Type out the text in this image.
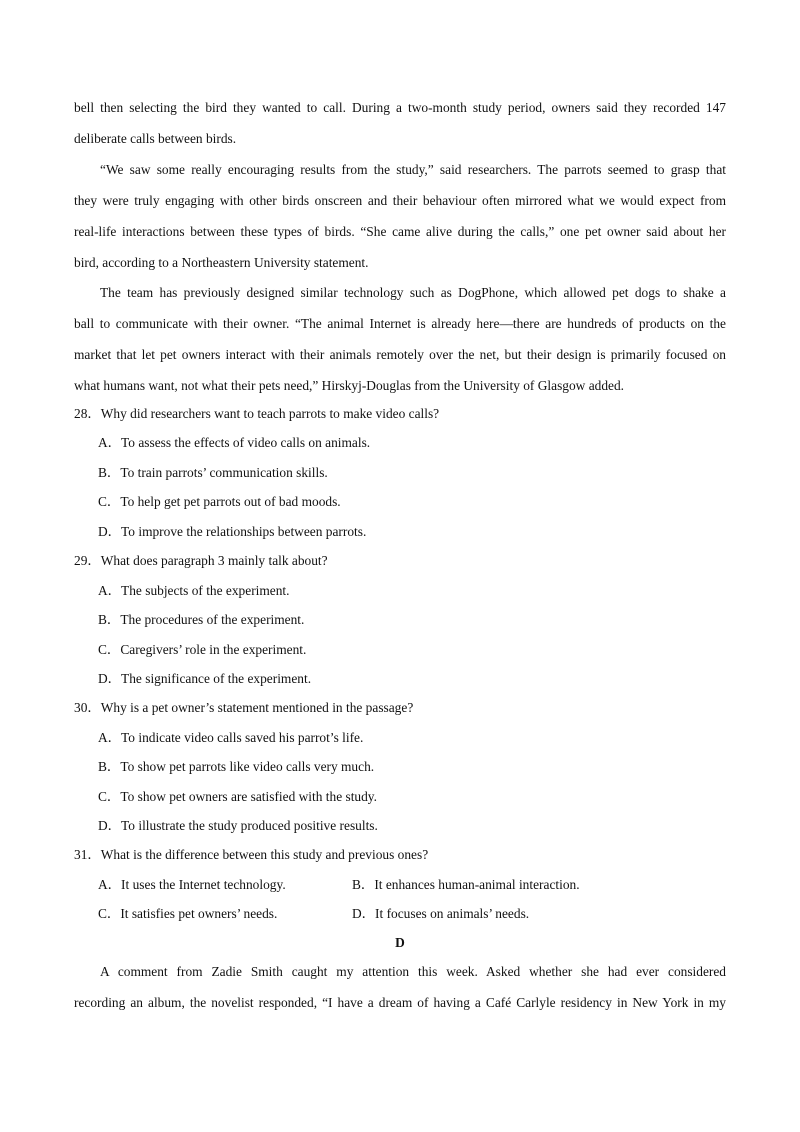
bell then selecting the bird they wanted to call. During a two-month study period, owners said they recorded 147
deliberate calls between birds.
“We saw some really encouraging results from the study,” said researchers. The parrots seemed to grasp that
they were truly engaging with other birds onscreen and their behaviour often mirrored what we would expect from
real-life interactions between these types of birds. “She came alive during the calls,” one pet owner said about her
bird, according to a Northeastern University statement.
The team has previously designed similar technology such as DogPhone, which allowed pet dogs to shake a
ball to communicate with their owner. “The animal Internet is already here—there are hundreds of products on the
market that let pet owners interact with their animals remotely over the net, but their design is primarily focused on
what humans want, not what their pets need,” Hirskyj-Douglas from the University of Glasgow added.
28．Why did researchers want to teach parrots to make video calls?
A．To assess the effects of video calls on animals.
B．To train parrots’ communication skills.
C．To help get pet parrots out of bad moods.
D．To improve the relationships between parrots.
29．What does paragraph 3 mainly talk about?
A．The subjects of the experiment.
B．The procedures of the experiment.
C．Caregivers’ role in the experiment.
D．The significance of the experiment.
30．Why is a pet owner’s statement mentioned in the passage?
A．To indicate video calls saved his parrot’s life.
B．To show pet parrots like video calls very much.
C．To show pet owners are satisfied with the study.
D．To illustrate the study produced positive results.
31．What is the difference between this study and previous ones?
A．It uses the Internet technology.	B．It enhances human-animal interaction.
C．It satisfies pet owners’ needs.	D．It focuses on animals’ needs.
D
A comment from Zadie Smith caught my attention this week. Asked whether she had ever considered
recording an album, the novelist responded, “I have a dream of having a Café Carlyle residency in New York in my
